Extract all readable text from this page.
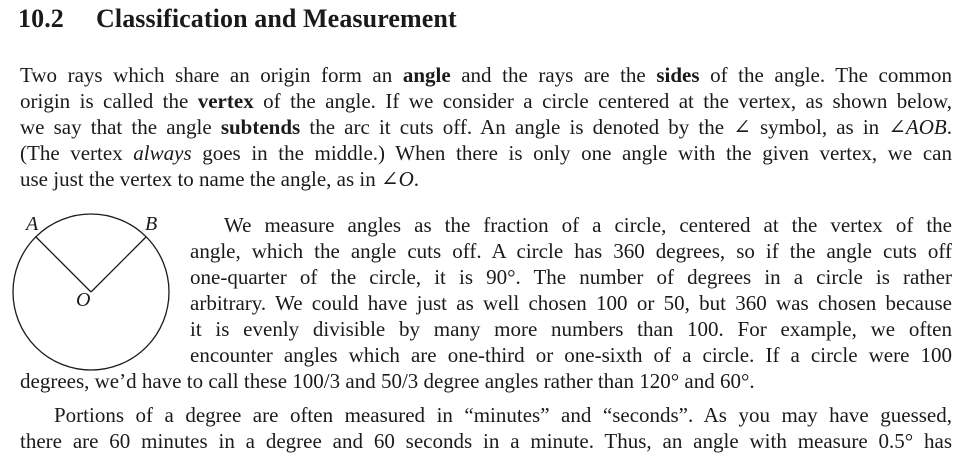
10.2 Classification and Measurement
Two rays which share an origin form an angle and the rays are the sides of the angle. The common
origin is called the vertex of the angle. If we consider a circle centered at the vertex, as shown below,
we say that the angle subtends the arc it cuts off. An angle is denoted by the ∠ symbol, as in ∠AOB.
(The vertex always goes in the middle.) When there is only one angle with the given vertex, we can
use just the vertex to name the angle, as in ∠O.
A	B
O
We measure angles as the fraction of a circle, centered at the vertex of the
angle, which the angle cuts off. A circle has 360 degrees, so if the angle cuts off
one-quarter of the circle, it is 90°. The number of degrees in a circle is rather
arbitrary. We could have just as well chosen 100 or 50, but 360 was chosen because
it is evenly divisible by many more numbers than 100. For example, we often
encounter angles which are one-third or one-sixth of a circle. If a circle were 100
degrees, we’d have to call these 100/3 and 50/3 degree angles rather than 120° and 60°.
Portions of a degree are often measured in “minutes” and “seconds”. As you may have guessed,
there are 60 minutes in a degree and 60 seconds in a minute. Thus, an angle with measure 0.5° has
